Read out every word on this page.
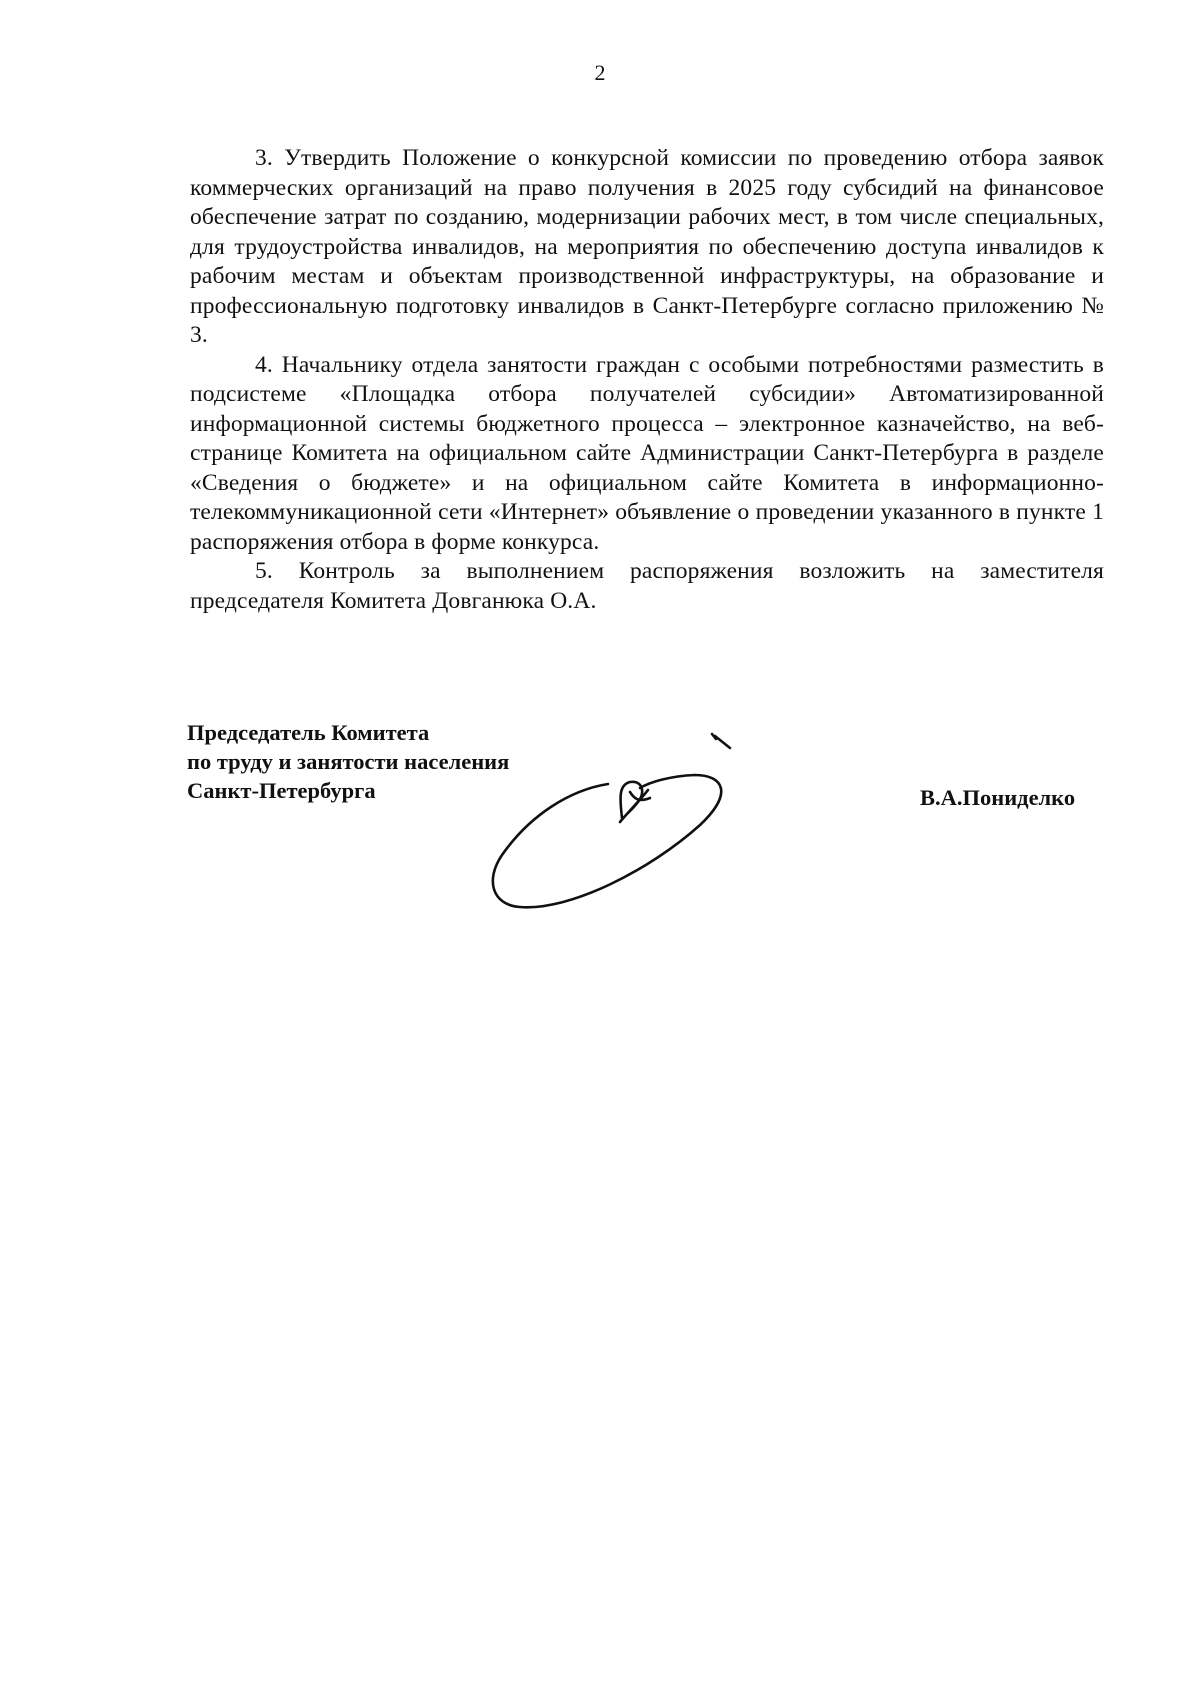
2

3. Утвердить Положение о конкурсной комиссии по проведению отбора заявок коммерческих организаций на право получения в 2025 году субсидий на финансовое обеспечение затрат по созданию, модернизации рабочих мест, в том числе специальных, для трудоустройства инвалидов, на мероприятия по обеспечению доступа инвалидов к рабочим местам и объектам производственной инфраструктуры, на образование и профессиональную подготовку инвалидов в Санкт-Петербурге согласно приложению № 3.

4. Начальнику отдела занятости граждан с особыми потребностями разместить в подсистеме «Площадка отбора получателей субсидии» Автоматизированной информационной системы бюджетного процесса – электронное казначейство, на веб-странице Комитета на официальном сайте Администрации Санкт-Петербурга в разделе «Сведения о бюджете» и на официальном сайте Комитета в информационно-телекоммуникационной сети «Интернет» объявление о проведении указанного в пункте 1 распоряжения отбора в форме конкурса.

5. Контроль за выполнением распоряжения возложить на заместителя председателя Комитета Довганюка О.А.

Председатель Комитета
по труду и занятости населения
Санкт-Петербурга	В.А.Пониделко
